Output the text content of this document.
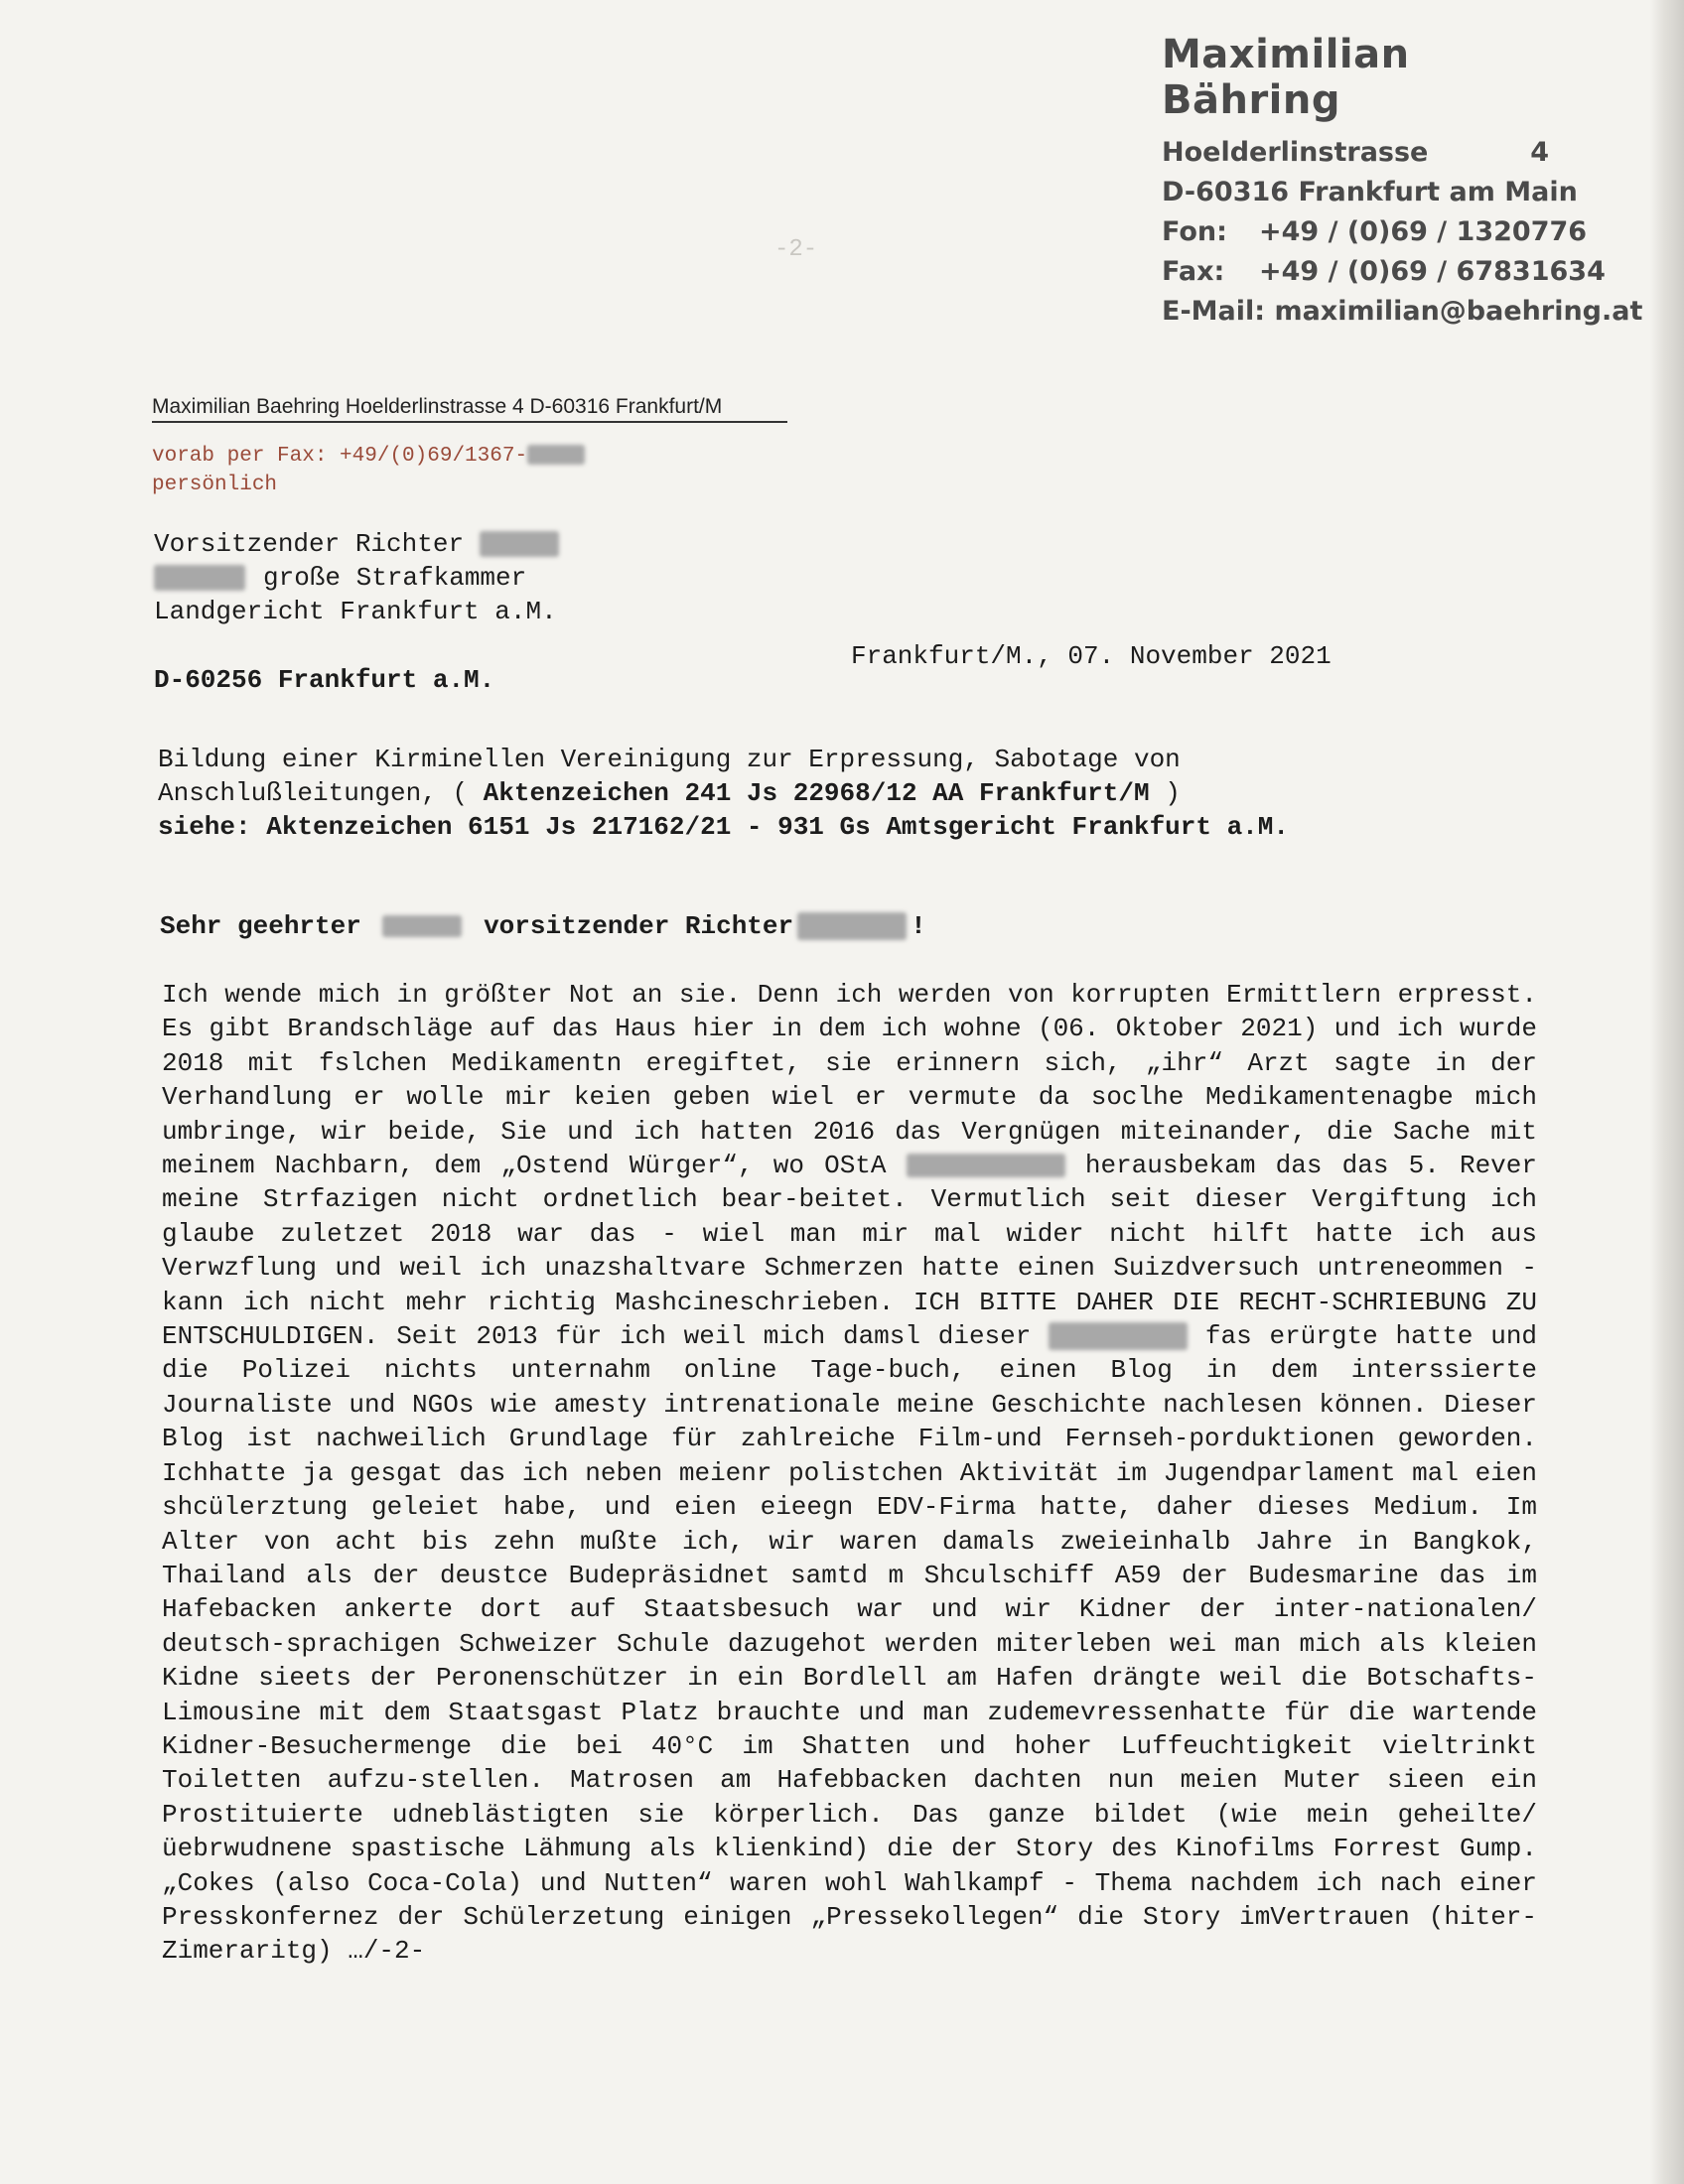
-2-
Maximilian Bähring
Hoelderlinstrasse	4
D-60316 Frankfurt am Main
Fon: +49 / (0)69 / 1320776
Fax: +49 / (0)69 / 67831634
E-Mail: maximilian@baehring.at
Maximilian Baehring Hoelderlinstrasse 4 D-60316 Frankfurt/M
vorab per Fax: +49/(0)69/1367-
persönlich
Vorsitzender Richter
große Strafkammer
Landgericht Frankfurt a.M.
Frankfurt/M., 07. November 2021
D-60256 Frankfurt a.M.
Bildung einer Kirminellen Vereinigung zur Erpressung, Sabotage von
Anschlußleitungen, ( Aktenzeichen 241 Js 22968/12 AA Frankfurt/M )
siehe: Aktenzeichen 6151 Js 217162/21 - 931 Gs Amtsgericht Frankfurt a.M.
Sehr geehrter	vorsitzender Richter	!

Ich wende mich in größter Not an sie. Denn ich werden von korrupten Ermittlern erpresst. Es gibt Brandschläge auf das Haus hier in dem ich wohne (06. Oktober 2021) und ich wurde 2018 mit fslchen Medikamentn eregiftet, sie erinnern sich, „ihr“ Arzt sagte in der Verhandlung er wolle mir keien geben wiel er vermute da soclhe Medikamentenagbe mich umbringe, wir beide, Sie und ich hatten 2016 das Vergnügen miteinander, die Sache mit meinem Nachbarn, dem „Ostend Würger“, wo OStA	herausbekam das das 5. Rever meine Strfazigen nicht ordnetlich bear-beitet. Vermutlich seit dieser Vergiftung ich glaube zuletzet 2018 war das - wiel man mir mal wider nicht hilft hatte ich aus Verwzflung und weil ich unazshaltvare Schmerzen hatte einen Suizdversuch untreneommen - kann ich nicht mehr richtig Mashcineschrieben. ICH BITTE DAHER DIE RECHT-SCHRIEBUNG ZU ENTSCHULDIGEN. Seit 2013 für ich weil mich damsl dieser	fas erürgte hatte und die Polizei nichts unternahm online Tage-buch, einen Blog in dem interssierte Journaliste und NGOs wie amesty intrenationale meine Geschichte nachlesen können. Dieser Blog ist nachweilich Grundlage für zahlreiche Film-und Fernseh-porduktionen geworden. Ichhatte ja gesgat das ich neben meienr polistchen Aktivität im Jugendparlament mal eien shcülerztung geleiet habe, und eien eieegn EDV-Firma hatte, daher dieses Medium. Im Alter von acht bis zehn mußte ich, wir waren damals zweieinhalb Jahre in Bangkok, Thailand als der deustce Budepräsidnet samtd m Shculschiff A59 der Budesmarine das im Hafebacken ankerte dort auf Staatsbesuch war und wir Kidner der inter-nationalen/ deutsch-sprachigen Schweizer Schule dazugehot werden miterleben wei man mich als kleien Kidne sieets der Peronenschützer in ein Bordlell am Hafen drängte weil die Botschafts-Limousine mit dem Staatsgast Platz brauchte und man zudemevressenhatte für die wartende Kidner-Besuchermenge die bei 40°C im Shatten und hoher Luffeuchtigkeit vieltrinkt Toiletten aufzu-stellen. Matrosen am Hafebbacken dachten nun meien Muter sieen ein Prostituierte udneblästigten sie körperlich. Das ganze bildet (wie mein geheilte/üebrwudnene spastische Lähmung als klienkind) die der Story des Kinofilms Forrest Gump. „Cokes (also Coca-Cola) und Nutten“ waren wohl Wahlkampf - Thema nachdem ich nach einer Presskonfernez der Schülerzetung einigen „Pressekollegen“ die Story imVertrauen (hiter-Zimeraritg) …/-2-
